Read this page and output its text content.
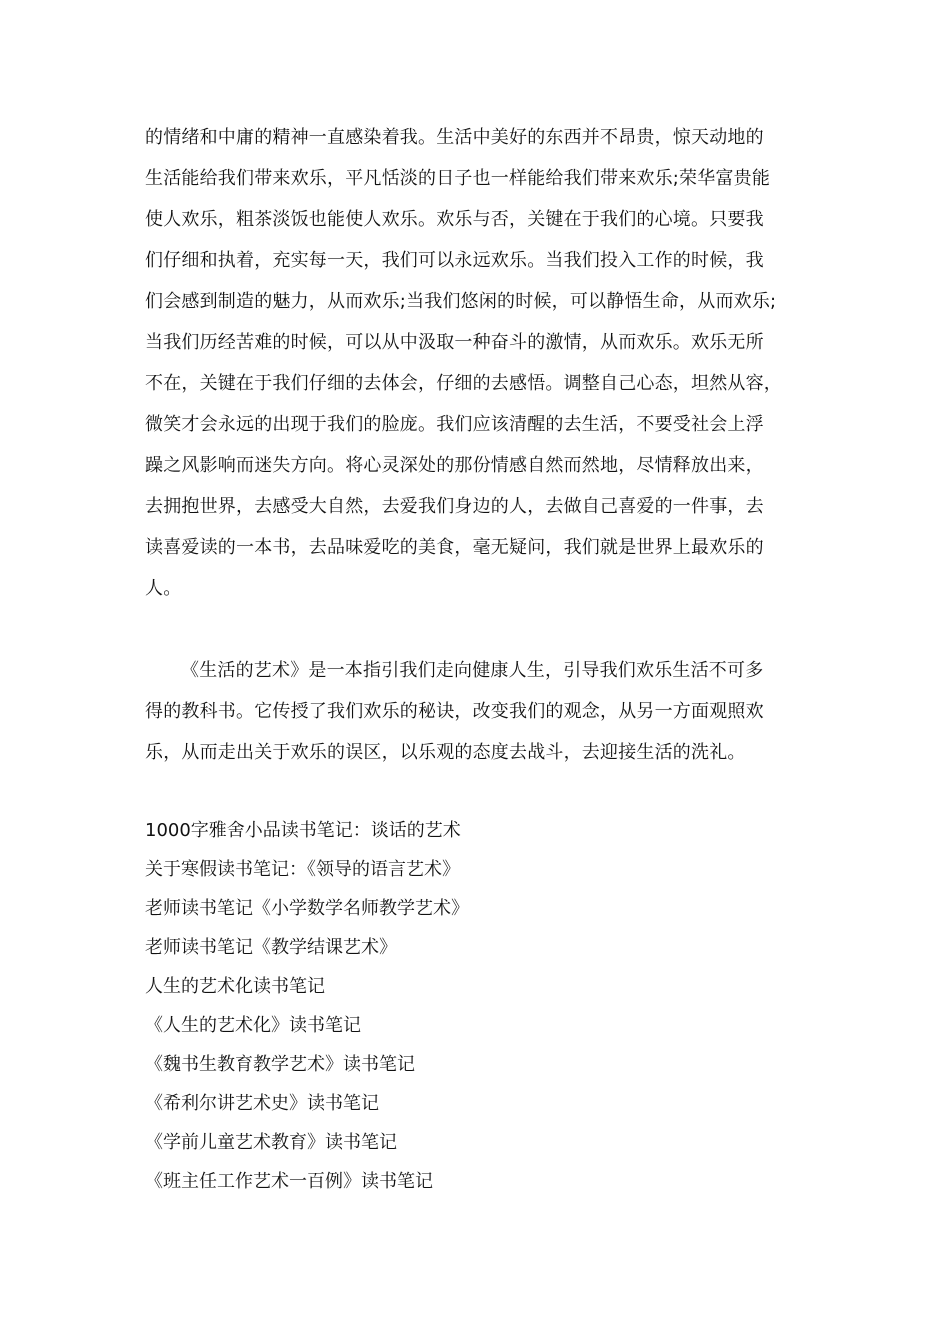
的情绪和中庸的精神一直感染着我。生活中美好的东西并不昂贵，惊天动地的
生活能给我们带来欢乐，平凡恬淡的日子也一样能给我们带来欢乐;荣华富贵能
使人欢乐，粗茶淡饭也能使人欢乐。欢乐与否，关键在于我们的心境。只要我
们仔细和执着，充实每一天，我们可以永远欢乐。当我们投入工作的时候，我
们会感到制造的魅力，从而欢乐;当我们悠闲的时候，可以静悟生命，从而欢乐;
当我们历经苦难的时候，可以从中汲取一种奋斗的激情，从而欢乐。欢乐无所
不在，关键在于我们仔细的去体会，仔细的去感悟。调整自己心态，坦然从容，
微笑才会永远的出现于我们的脸庞。我们应该清醒的去生活，不要受社会上浮
躁之风影响而迷失方向。将心灵深处的那份情感自然而然地，尽情释放出来，
去拥抱世界，去感受大自然，去爱我们身边的人，去做自己喜爱的一件事，去
读喜爱读的一本书，去品味爱吃的美食，毫无疑问，我们就是世界上最欢乐的
人。
《生活的艺术》是一本指引我们走向健康人生，引导我们欢乐生活不可多
得的教科书。它传授了我们欢乐的秘诀，改变我们的观念，从另一方面观照欢
乐，从而走出关于欢乐的误区，以乐观的态度去战斗，去迎接生活的洗礼。
1000字雅舍小品读书笔记：谈话的艺术
关于寒假读书笔记：《领导的语言艺术》
老师读书笔记《小学数学名师教学艺术》
老师读书笔记《教学结课艺术》
人生的艺术化读书笔记
《人生的艺术化》读书笔记
《魏书生教育教学艺术》读书笔记
《希利尔讲艺术史》读书笔记
《学前儿童艺术教育》读书笔记
《班主任工作艺术一百例》读书笔记
